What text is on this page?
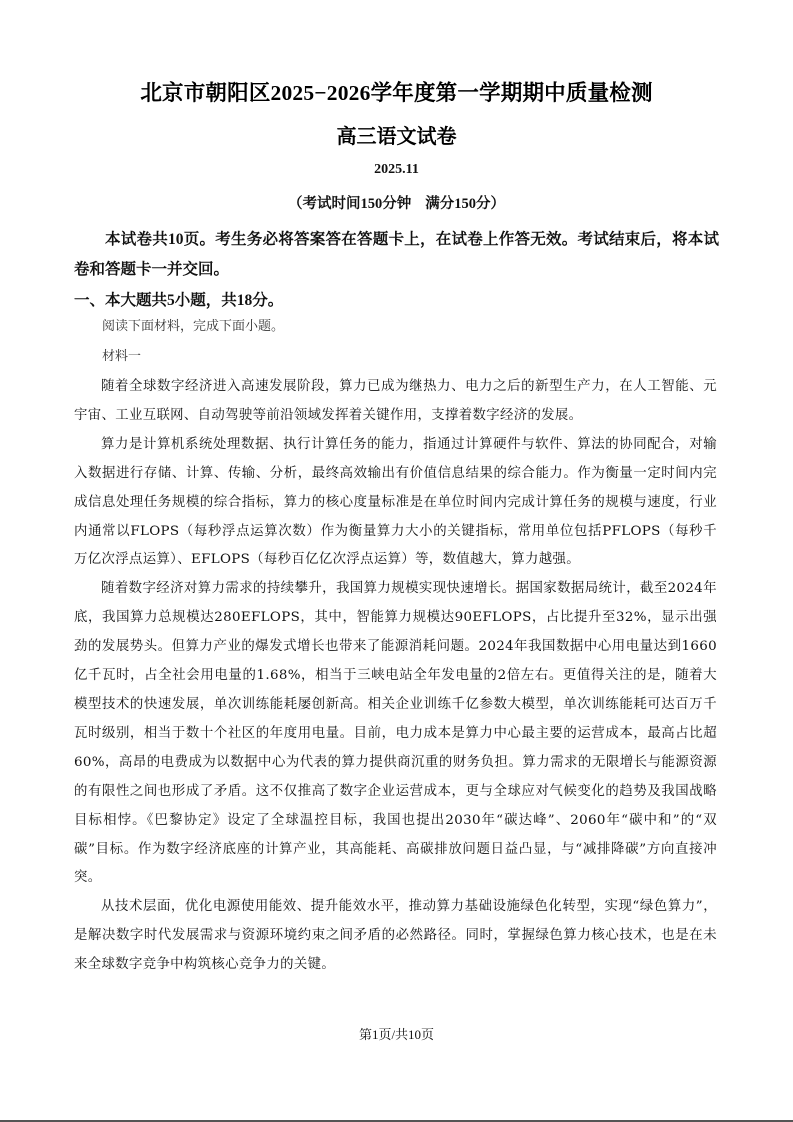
北京市朝阳区2025−2026学年度第一学期期中质量检测
高三语文试卷
2025.11
（考试时间150分钟 满分150分）
本试卷共10页。考生务必将答案答在答题卡上，在试卷上作答无效。考试结束后，将本试卷和答题卡一并交回。
一、本大题共5小题，共18分。
阅读下面材料，完成下面小题。
材料一

随着全球数字经济进入高速发展阶段，算力已成为继热力、电力之后的新型生产力，在人工智能、元宇宙、工业互联网、自动驾驶等前沿领域发挥着关键作用，支撑着数字经济的发展。

算力是计算机系统处理数据、执行计算任务的能力，指通过计算硬件与软件、算法的协同配合，对输入数据进行存储、计算、传输、分析，最终高效输出有价值信息结果的综合能力。作为衡量一定时间内完成信息处理任务规模的综合指标，算力的核心度量标准是在单位时间内完成计算任务的规模与速度，行业内通常以FLOPS（每秒浮点运算次数）作为衡量算力大小的关键指标，常用单位包括PFLOPS（每秒千万亿次浮点运算）、EFLOPS（每秒百亿亿次浮点运算）等，数值越大，算力越强。

随着数字经济对算力需求的持续攀升，我国算力规模实现快速增长。据国家数据局统计，截至2024年底，我国算力总规模达280EFLOPS，其中，智能算力规模达90EFLOPS，占比提升至32%，显示出强劲的发展势头。但算力产业的爆发式增长也带来了能源消耗问题。2024年我国数据中心用电量达到1660亿千瓦时，占全社会用电量的1.68%，相当于三峡电站全年发电量的2倍左右。更值得关注的是，随着大模型技术的快速发展，单次训练能耗屡创新高。相关企业训练千亿参数大模型，单次训练能耗可达百万千瓦时级别，相当于数十个社区的年度用电量。目前，电力成本是算力中心最主要的运营成本，最高占比超60%，高昂的电费成为以数据中心为代表的算力提供商沉重的财务负担。算力需求的无限增长与能源资源的有限性之间也形成了矛盾。这不仅推高了数字企业运营成本，更与全球应对气候变化的趋势及我国战略目标相悖。《巴黎协定》设定了全球温控目标，我国也提出2030年“碳达峰”、2060年“碳中和”的“双碳”目标。作为数字经济底座的计算产业，其高能耗、高碳排放问题日益凸显，与“减排降碳”方向直接冲突。

从技术层面，优化电源使用能效、提升能效水平，推动算力基础设施绿色化转型，实现“绿色算力”，是解决数字时代发展需求与资源环境约束之间矛盾的必然路径。同时，掌握绿色算力核心技术，也是在未来全球数字竞争中构筑核心竞争力的关键。

第1页/共10页
